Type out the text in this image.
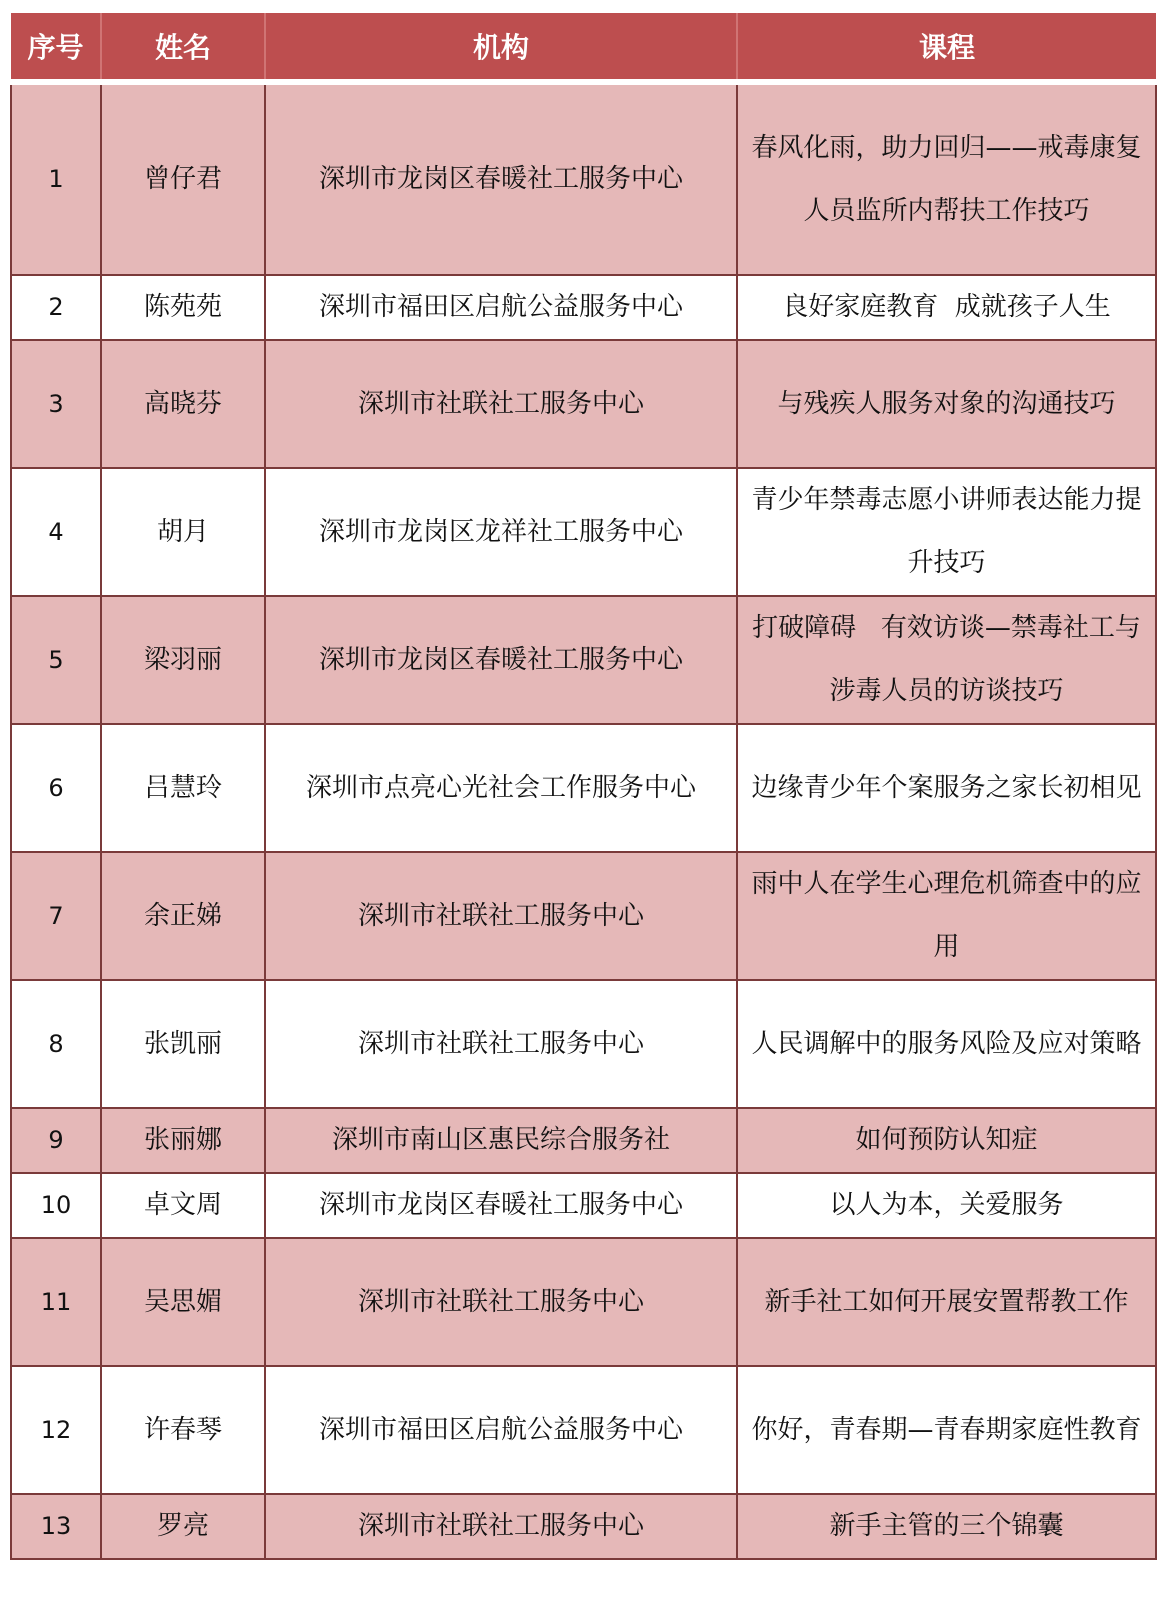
序号	姓名	机构	课程
1	曾仔君	深圳市龙岗区春暖社工服务中心	春风化雨，助力回归——戒毒康复人员监所内帮扶工作技巧

2	陈苑苑	深圳市福田区启航公益服务中心	良好家庭教育  成就孩子人生

3	高晓芬	深圳市社联社工服务中心	与残疾人服务对象的沟通技巧

4	胡月	深圳市龙岗区龙祥社工服务中心	青少年禁毒志愿小讲师表达能力提升技巧

5	梁羽丽	深圳市龙岗区春暖社工服务中心	打破障碍   有效访谈—禁毒社工与涉毒人员的访谈技巧

6	吕慧玲	深圳市点亮心光社会工作服务中心	边缘青少年个案服务之家长初相见

7	余正娣	深圳市社联社工服务中心	雨中人在学生心理危机筛查中的应用

8	张凯丽	深圳市社联社工服务中心	人民调解中的服务风险及应对策略

9	张丽娜	深圳市南山区惠民综合服务社	如何预防认知症

10	卓文周	深圳市龙岗区春暖社工服务中心	以人为本，关爱服务

11	吴思媚	深圳市社联社工服务中心	新手社工如何开展安置帮教工作

12	许春琴	深圳市福田区启航公益服务中心	你好，青春期—青春期家庭性教育

13	罗亮	深圳市社联社工服务中心	新手主管的三个锦囊
